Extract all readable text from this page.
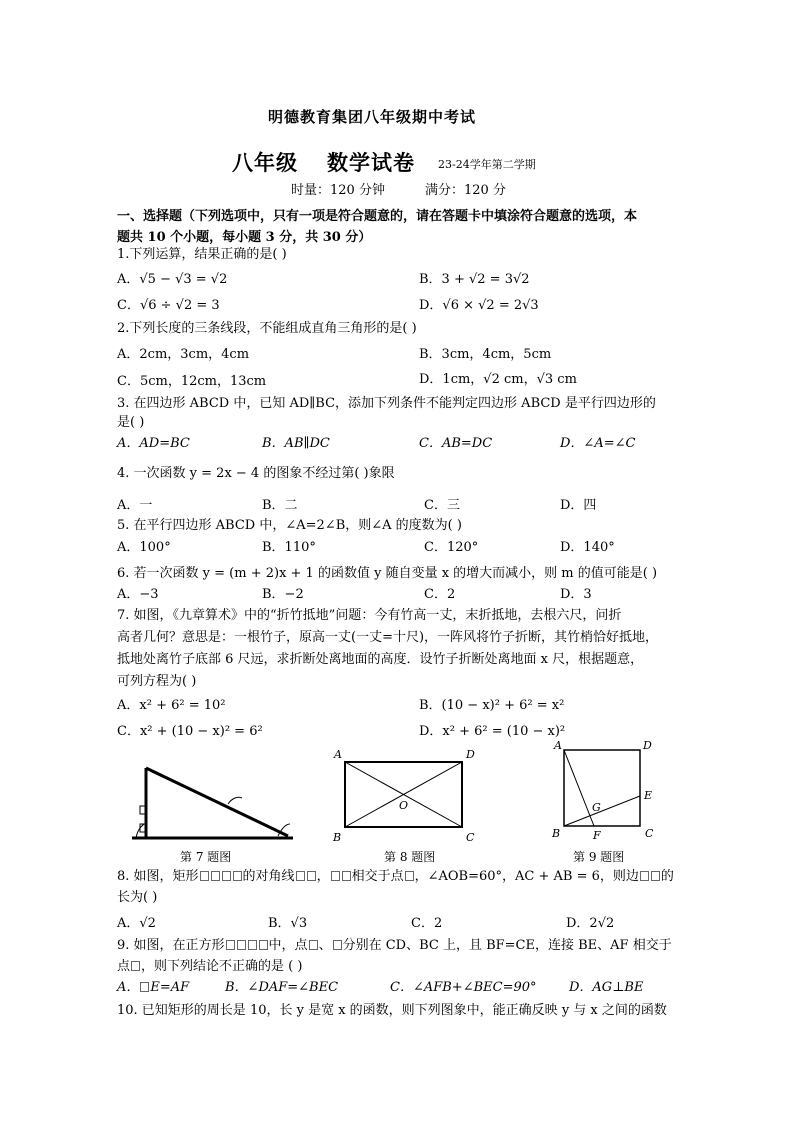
明德教育集团八年级期中考试
八年级 数学试卷 23-24学年第二学期
时量：120 分钟	满分：120 分
一、选择题（下列选项中，只有一项是符合题意的，请在答题卡中填涂符合题意的选项，本
题共 10 个小题，每小题 3 分，共 30 分）
1.下列运算，结果正确的是( )
A．√5 − √3 = √2	B．3 + √2 = 3√2
C．√6 ÷ √2 = 3	D．√6 × √2 = 2√3
2.下列长度的三条线段，不能组成直角三角形的是( )
A．2cm，3cm，4cm	B．3cm，4cm，5cm
C．5cm，12cm，13cm	D．1cm，√2 cm，√3 cm
3. 在四边形 ABCD 中，已知 AD∥BC，添加下列条件不能判定四边形 ABCD 是平行四边形的
是( )
A．AD=BC	B．AB∥DC	C．AB=DC	D．∠A=∠C
4. 一次函数 y = 2x − 4 的图象不经过第( )象限
A．一	B．二	C．三	D．四
5. 在平行四边形 ABCD 中，∠A=2∠B，则∠A 的度数为( )
A．100°	B．110°	C．120°	D．140°
6. 若一次函数 y = (m + 2)x + 1 的函数值 y 随自变量 x 的增大而减小，则 m 的值可能是( )
A．−3	B．−2	C．2	D．3
7. 如图，《九章算术》中的“折竹抵地”问题：今有竹高一丈，末折抵地，去根六尺，问折
高者几何？意思是：一根竹子，原高一丈(一丈=十尺)，一阵风将竹子折断，其竹梢恰好抵地，
抵地处离竹子底部 6 尺远，求折断处离地面的高度．设竹子折断处离地面 x 尺，根据题意，
可列方程为( )
A．x² + 6² = 10²	B．(10 − x)² + 6² = x²
C．x² + (10 − x)² = 6²	D．x² + 6² = (10 − x)²
第 7 题图
A	D
B	C
O
第 8 题图
A	D
B	C
E
F
G
第 9 题图
8. 如图，矩形	的对角线 ， 相交于点 ，∠AOB=60°，AC + AB = 6，则边 的
长为( )
A．√2	B．√3	C．2	D．2√2
9. 如图，在正方形	中，点 、 分别在 CD、BC 上，且 BF=CE，连接 BE、AF 相交于
点 ，则下列结论不正确的是 ( )
A． E=AF	B．∠DAF=∠BEC	C．∠AFB+∠BEC=90° D．AG⊥BE
10. 已知矩形的周长是 10，长 y 是宽 x 的函数，则下列图象中，能正确反映 y 与 x 之间的函数
